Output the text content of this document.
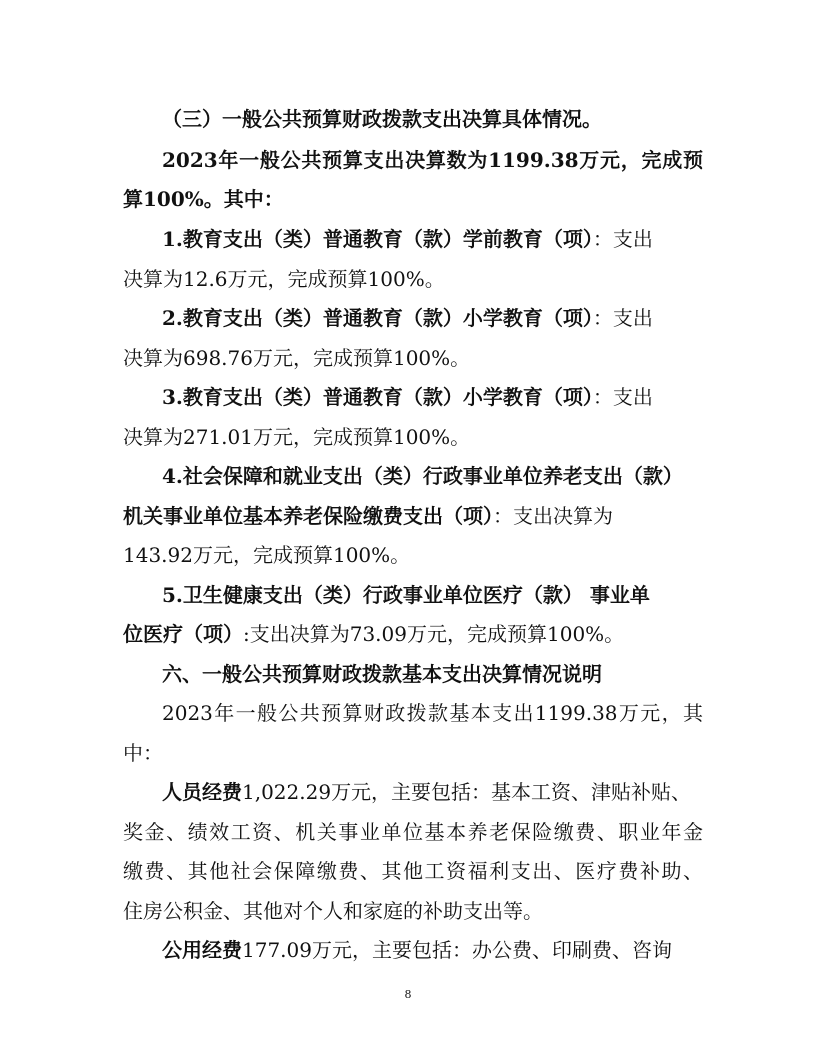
（三）一般公共预算财政拨款支出决算具体情况。
2023年一般公共预算支出决算数为1199.38万元，完成预
算100%。其中：
1.教育支出（类）普通教育（款）学前教育（项）：支出
决算为12.6万元，完成预算100%。
2.教育支出（类）普通教育（款）小学教育（项）：支出
决算为698.76万元，完成预算100%。
3.教育支出（类）普通教育（款）小学教育（项）：支出
决算为271.01万元，完成预算100%。
4.社会保障和就业支出（类）行政事业单位养老支出（款）
机关事业单位基本养老保险缴费支出（项）：支出决算为
143.92万元，完成预算100%。
5.卫生健康支出（类）行政事业单位医疗（款） 事业单
位医疗（项）:支出决算为73.09万元，完成预算100%。
六、一般公共预算财政拨款基本支出决算情况说明
2023年一般公共预算财政拨款基本支出1199.38万元，其
中：
人员经费1,022.29万元，主要包括：基本工资、津贴补贴、
奖金、绩效工资、机关事业单位基本养老保险缴费、职业年金
缴费、其他社会保障缴费、其他工资福利支出、医疗费补助、
住房公积金、其他对个人和家庭的补助支出等。
公用经费177.09万元，主要包括：办公费、印刷费、咨询
8
